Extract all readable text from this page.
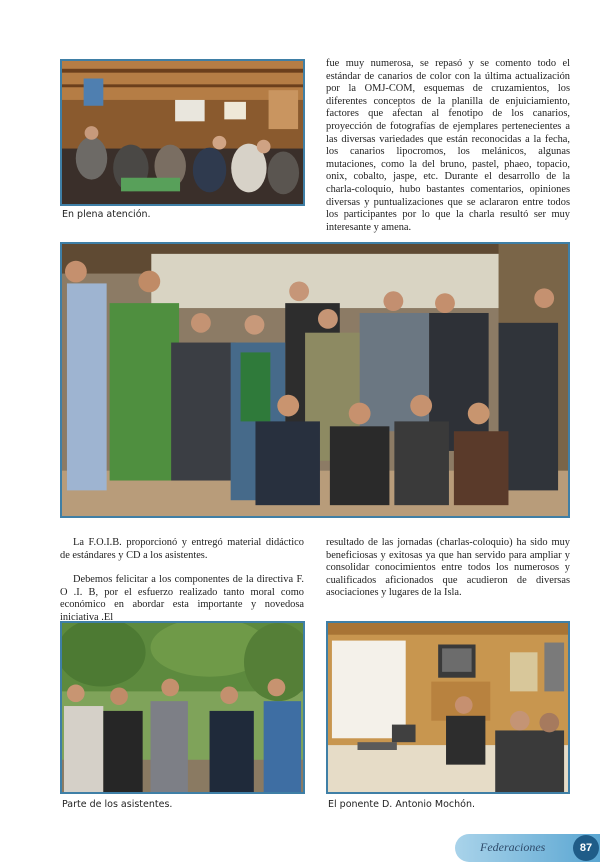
En plena atención.

fue muy numerosa, se repasó y se comento todo el estándar de canarios de color con la última actualización por la OMJ-COM, esquemas de cruzamientos, los diferentes conceptos de la planilla de enjuiciamiento, factores que afectan al fenotipo de los canarios, proyección de fotografías de ejemplares pertenecientes a las diversas variedades que están reconocidas a la fecha, los canarios lipocromos, los melánicos, algunas mutaciones, como la del bruno, pastel, phaeo, topacio, onix, cobalto, jaspe, etc. Durante el desarrollo de la charla-coloquio, hubo bastantes comentarios, opiniones diversas y puntualizaciones que se aclararon entre todos los participantes por lo que la charla resultó ser muy interesante y amena.

La F.O.I.B. proporcionó y entregó material didáctico de estándares y CD a los asistentes.

Debemos felicitar a los componentes de la directiva F. O .I. B, por el esfuerzo realizado tanto moral como económico en abordar esta importante y novedosa iniciativa .El

resultado de las jornadas (charlas-coloquio) ha sido muy beneficiosas y exitosas ya que han servido para ampliar y consolidar conocimientos entre todos los numerosos y cualificados aficionados que acudieron de diversas asociaciones y lugares de la Isla.

Parte de los asistentes.	El ponente D. Antonio Mochón.
Federaciones	87
